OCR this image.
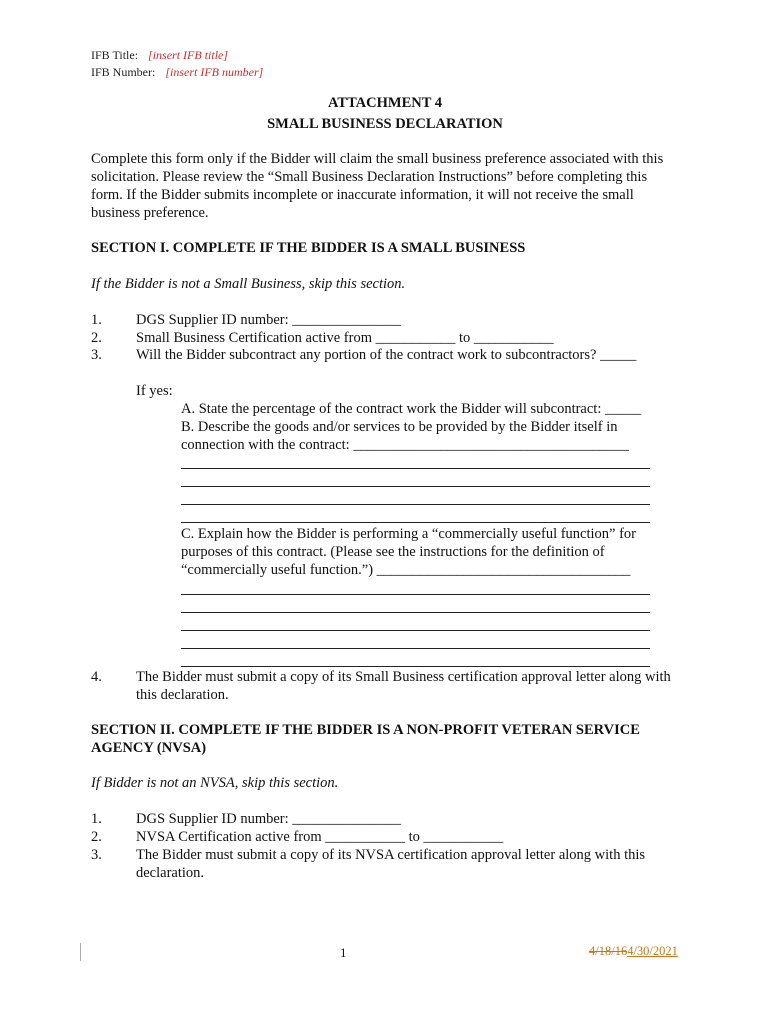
IFB Title: [insert IFB title]
IFB Number: [insert IFB number]
ATTACHMENT 4
SMALL BUSINESS DECLARATION
Complete this form only if the Bidder will claim the small business preference associated with this solicitation. Please review the “Small Business Declaration Instructions” before completing this form. If the Bidder submits incomplete or inaccurate information, it will not receive the small business preference.
SECTION I. COMPLETE IF THE BIDDER IS A SMALL BUSINESS
If the Bidder is not a Small Business, skip this section.
1. DGS Supplier ID number: _______________
2. Small Business Certification active from ___________ to ___________
3. Will the Bidder subcontract any portion of the contract work to subcontractors? _____
If yes:
A. State the percentage of the contract work the Bidder will subcontract: _____
B. Describe the goods and/or services to be provided by the Bidder itself in connection with the contract: ______________________________________
C. Explain how the Bidder is performing a “commercially useful function” for purposes of this contract. (Please see the instructions for the definition of “commercially useful function.”) ___________________________________
4. The Bidder must submit a copy of its Small Business certification approval letter along with this declaration.
SECTION II. COMPLETE IF THE BIDDER IS A NON-PROFIT VETERAN SERVICE AGENCY (NVSA)
If Bidder is not an NVSA, skip this section.
1. DGS Supplier ID number: _______________
2. NVSA Certification active from ___________ to ___________
3. The Bidder must submit a copy of its NVSA certification approval letter along with this declaration.
1	4/18/164/30/2021
